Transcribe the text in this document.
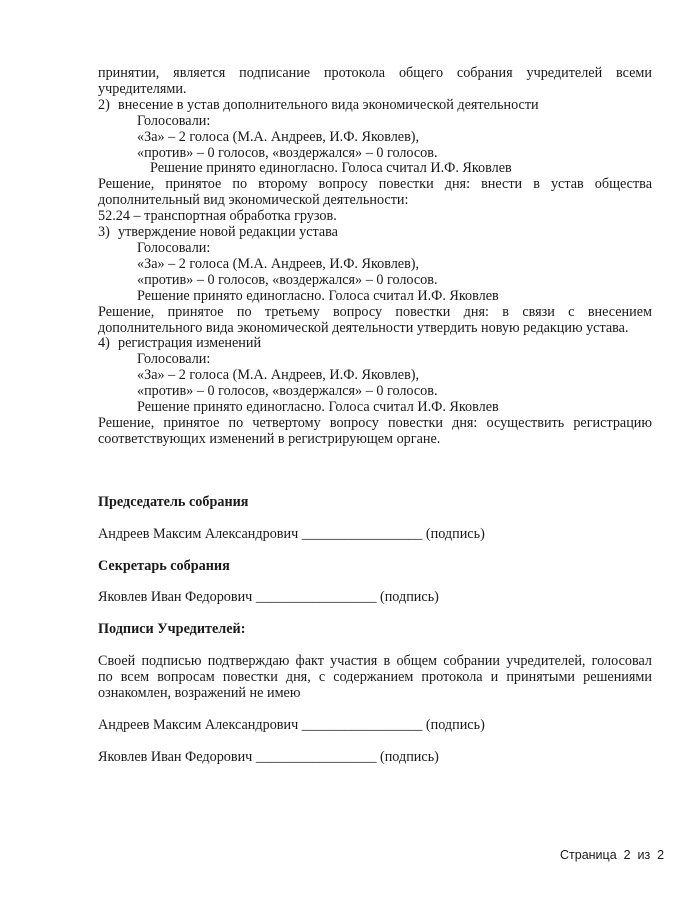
принятии, является подписание протокола общего собрания учредителей всеми

учредителями.

2) внесение в устав дополнительного вида экономической деятельности

Голосовали:

«За» – 2 голоса (М.А. Андреев, И.Ф. Яковлев),

«против» – 0 голосов, «воздержался» – 0 голосов.

Решение принято единогласно. Голоса считал И.Ф. Яковлев

Решение, принятое по второму вопросу повестки дня: внести в устав общества

дополнительный вид экономической деятельности:

52.24 – транспортная обработка грузов.

3) утверждение новой редакции устава

Голосовали:

«За» – 2 голоса (М.А. Андреев, И.Ф. Яковлев),

«против» – 0 голосов, «воздержался» – 0 голосов.

Решение принято единогласно. Голоса считал И.Ф. Яковлев

Решение, принятое по третьему вопросу повестки дня: в связи с внесением

дополнительного вида экономической деятельности утвердить новую редакцию устава.

4) регистрация изменений

Голосовали:

«За» – 2 голоса (М.А. Андреев, И.Ф. Яковлев),

«против» – 0 голосов, «воздержался» – 0 голосов.

Решение принято единогласно. Голоса считал И.Ф. Яковлев

Решение, принятое по четвертому вопросу повестки дня: осуществить регистрацию

соответствующих изменений в регистрирующем органе.

Председатель собрания

Андреев Максим Александрович _________________ (подпись)

Секретарь собрания

Яковлев Иван Федорович _________________ (подпись)

Подписи Учредителей:

Своей подписью подтверждаю факт участия в общем собрании учредителей, голосовал

по всем вопросам повестки дня, с содержанием протокола и принятыми решениями

ознакомлен, возражений не имею

Андреев Максим Александрович _________________ (подпись)

Яковлев Иван Федорович _________________ (подпись)

Страница  2  из  2
